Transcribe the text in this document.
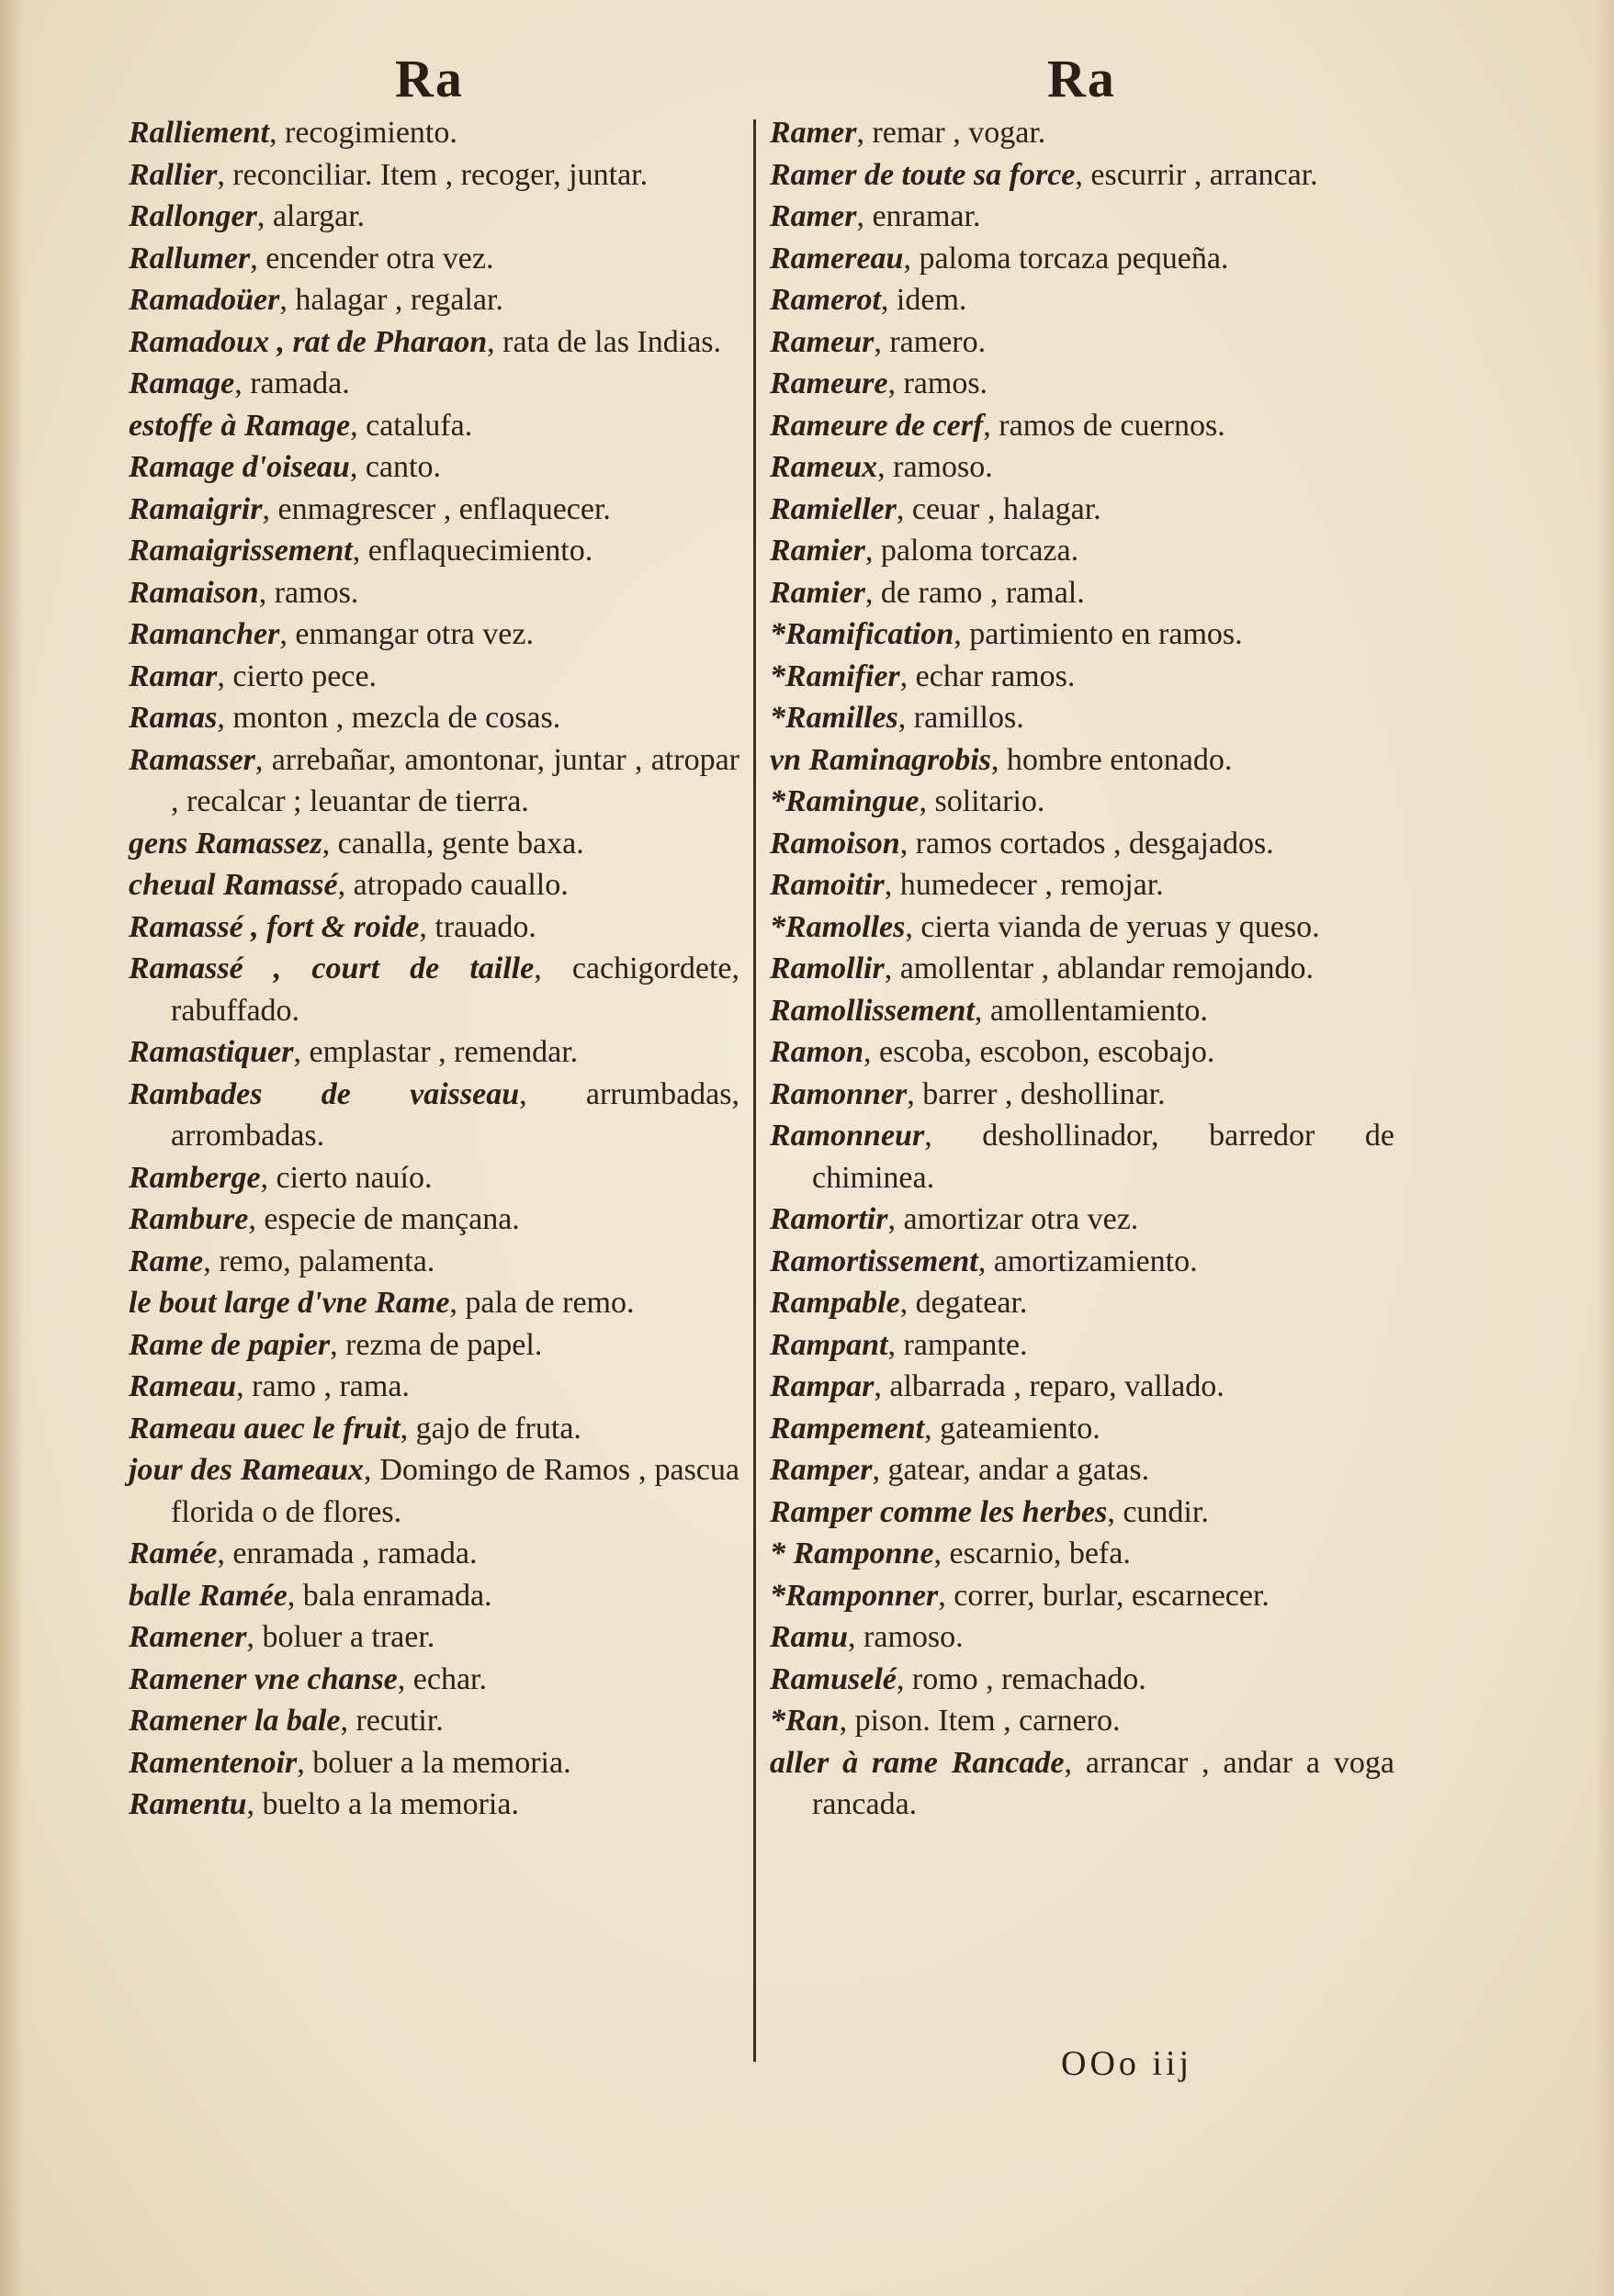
Ra	Ra
Ralliement, recogimiento.
Rallier, reconciliar. Item , recoger, juntar.
Rallonger, alargar.
Rallumer, encender otra vez.
Ramadoüer, halagar , regalar.
Ramadoux , rat de Pharaon, rata de las Indias.
Ramage, ramada.
estoffe à Ramage, catalufa.
Ramage d'oiseau, canto.
Ramaigrir, enmagrescer , enflaquecer.
Ramaigrissement, enflaquecimiento.
Ramaison, ramos.
Ramancher, enmangar otra vez.
Ramar, cierto pece.
Ramas, monton , mezcla de cosas.
Ramasser, arrebañar, amontonar, juntar , atropar , recalcar ; leuantar de tierra.
gens Ramassez, canalla, gente baxa.
cheual Ramassé, atropado cauallo.
Ramassé , fort & roide, trauado.
Ramassé , court de taille, cachigordete, rabuffado.
Ramastiquer, emplastar , remendar.
Rambades de vaisseau, arrumbadas, arrombadas.
Ramberge, cierto nauío.
Rambure, especie de mançana.
Rame, remo, palamenta.
le bout large d'vne Rame, pala de remo.
Rame de papier, rezma de papel.
Rameau, ramo , rama.
Rameau auec le fruit, gajo de fruta.
jour des Rameaux, Domingo de Ramos , pascua florida o de flores.
Ramée, enramada , ramada.
balle Ramée, bala enramada.
Ramener, boluer a traer.
Ramener vne chanse, echar.
Ramener la bale, recutir.
Ramentenoir, boluer a la memoria.
Ramentu, buelto a la memoria.
Ramer, remar , vogar.
Ramer de toute sa force, escurrir , arrancar.
Ramer, enramar.
Ramereau, paloma torcaza pequeña.
Ramerot, idem.
Rameur, ramero.
Rameure, ramos.
Rameure de cerf, ramos de cuernos.
Rameux, ramoso.
Ramieller, ceuar , halagar.
Ramier, paloma torcaza.
Ramier, de ramo , ramal.
*Ramification, partimiento en ramos.
*Ramifier, echar ramos.
*Ramilles, ramillos.
vn Raminagrobis, hombre entonado.
*Ramingue, solitario.
Ramoison, ramos cortados , desgajados.
Ramoitir, humedecer , remojar.
*Ramolles, cierta vianda de yeruas y queso.
Ramollir, amollentar , ablandar remojando.
Ramollissement, amollentamiento.
Ramon, escoba, escobon, escobajo.
Ramonner, barrer , deshollinar.
Ramonneur, deshollinador, barredor de chiminea.
Ramortir, amortizar otra vez.
Ramortissement, amortizamiento.
Rampable, degatear.
Rampant, rampante.
Rampar, albarrada , reparo, vallado.
Rampement, gateamiento.
Ramper, gatear, andar a gatas.
Ramper comme les herbes, cundir.
* Ramponne, escarnio, befa.
*Ramponner, correr, burlar, escarnecer.
Ramu, ramoso.
Ramuselé, romo , remachado.
*Ran, pison. Item , carnero.
aller à rame Rancade, arrancar , andar a voga rancada.
OOo iij
